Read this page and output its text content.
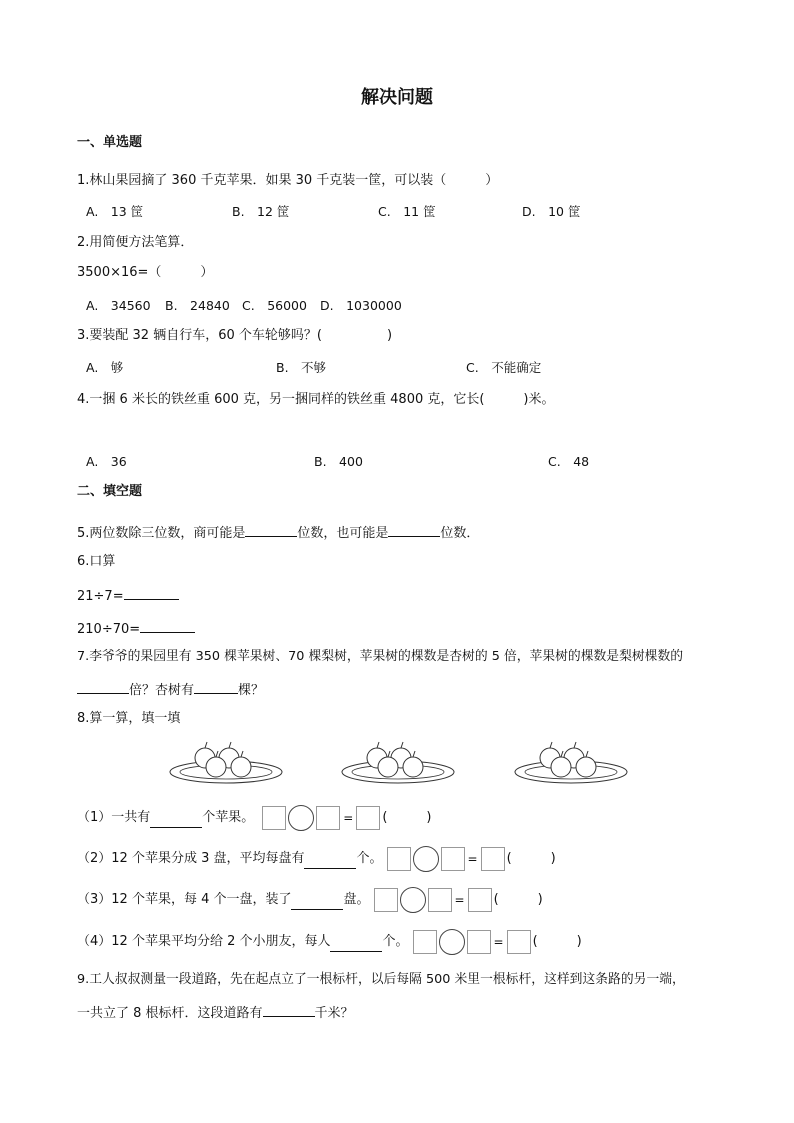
解决问题
一、单选题
1.林山果园摘了 360 千克苹果．如果 30 千克装一筐，可以装（　　　）
A.　13 筐	B.　12 筐	C.　11 筐	D.　10 筐
2.用简便方法笔算．
3500×16=（　　　）
A.　34560 B.　24840 C.　56000 D.　1030000
3.要装配 32 辆自行车，60 个车轮够吗？(　　　　　)
A.　够	B.　不够	C.　不能确定
4.一捆 6 米长的铁丝重 600 克，另一捆同样的铁丝重 4800 克，它长(　　　)米。
A.　36	B.　400	C.　48
二、填空题
5.两位数除三位数，商可能是	位数，也可能是	位数．
6.口算
21÷7=
210÷70=
7.李爷爷的果园里有 350 棵苹果树、70 棵梨树，苹果树的棵数是杏树的 5 倍，苹果树的棵数是梨树棵数的
倍？杏树有	棵？
8.算一算，填一填
（1）一共有	个苹果。	= (　　　)
（2）12 个苹果分成 3 盘，平均每盘有	个。	= (　　　)
（3）12 个苹果，每 4 个一盘，装了	盘。	= (　　　)
（4）12 个苹果平均分给 2 个小朋友，每人	个。	= (　　　)
9.工人叔叔测量一段道路，先在起点立了一根标杆，以后每隔 500 米里一根标杆，这样到这条路的另一端，
一共立了 8 根标杆．这段道路有	千米？
